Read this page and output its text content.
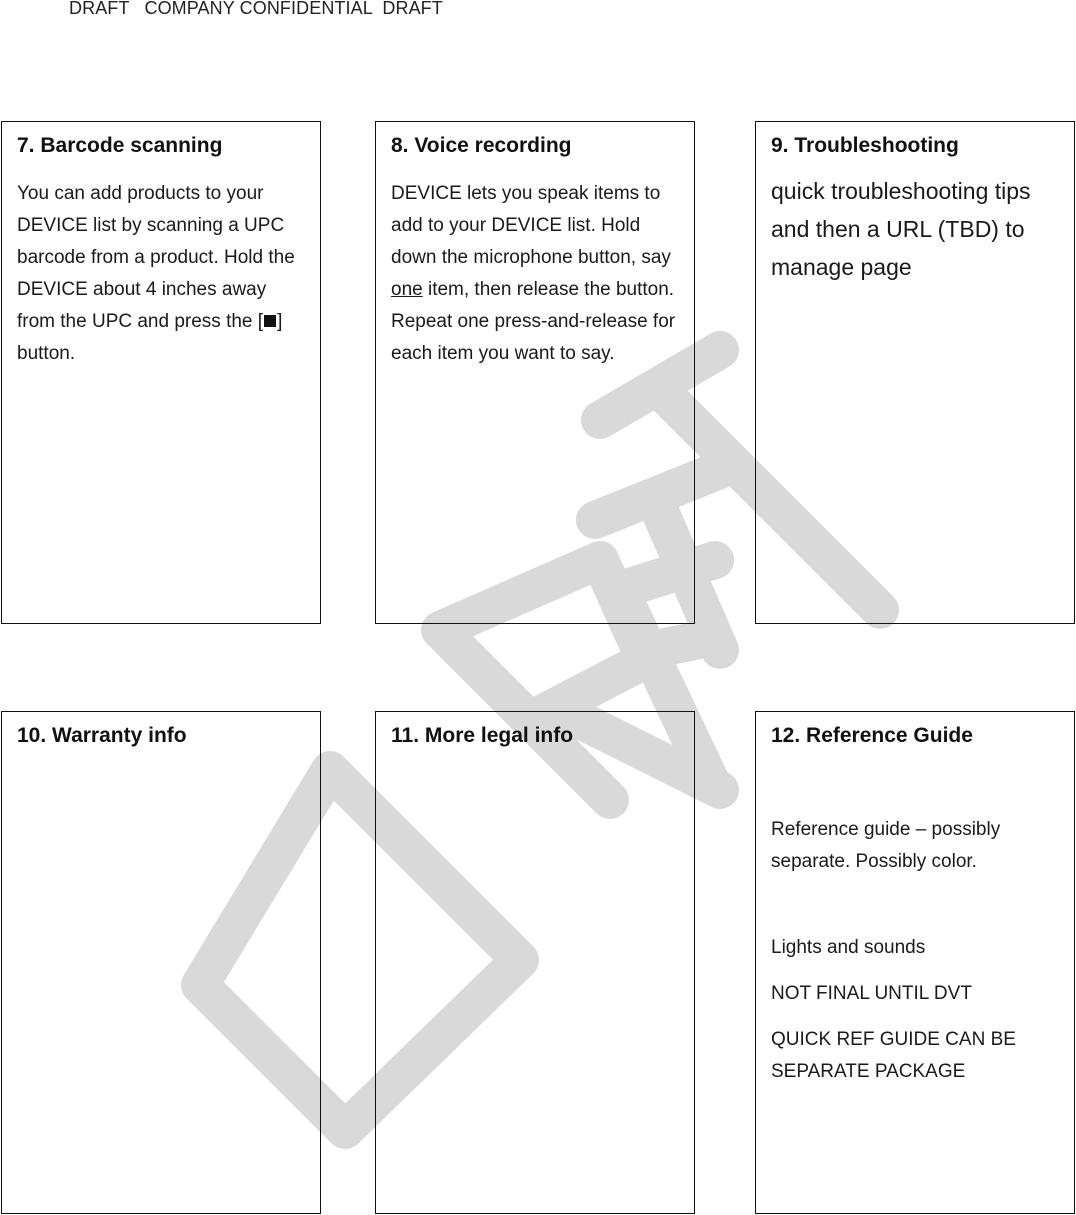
DRAFT   COMPANY CONFIDENTIAL  DRAFT
7. Barcode scanning

You can add products to your DEVICE list by scanning a UPC barcode from a product. Hold the DEVICE about 4 inches away from the UPC and press the [ ] button.

8. Voice recording

DEVICE lets you speak items to add to your DEVICE list. Hold down the microphone button, say one item, then release the button. Repeat one press-and-release for each item you want to say.

9. Troubleshooting

quick troubleshooting tips and then a URL (TBD) to manage page

10. Warranty info	11. More legal info	12. Reference Guide

Reference guide – possibly separate. Possibly color.

Lights and sounds

NOT FINAL UNTIL DVT

QUICK REF GUIDE CAN BE SEPARATE PACKAGE
